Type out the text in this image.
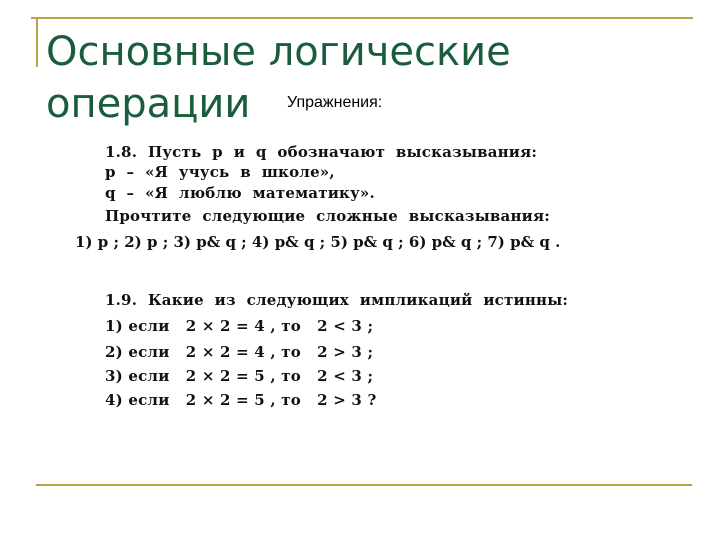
Основные логические
операции	Упражнения:
1.8.  Пусть  p  и  q  обозначают  высказывания:
p  –  «Я  учусь  в  школе»,
q  –  «Я  люблю  математику».
Прочтите  следующие  сложные  высказывания:
1) p ; 2) p ; 3) p& q ; 4) p& q ; 5) p& q ; 6) p& q ; 7) p& q .
1.9.  Какие  из  следующих  импликаций  истинны:
1) если   2 × 2 = 4 , то   2 < 3 ;
2) если   2 × 2 = 4 , то   2 > 3 ;
3) если   2 × 2 = 5 , то   2 < 3 ;
4) если   2 × 2 = 5 , то   2 > 3 ?
